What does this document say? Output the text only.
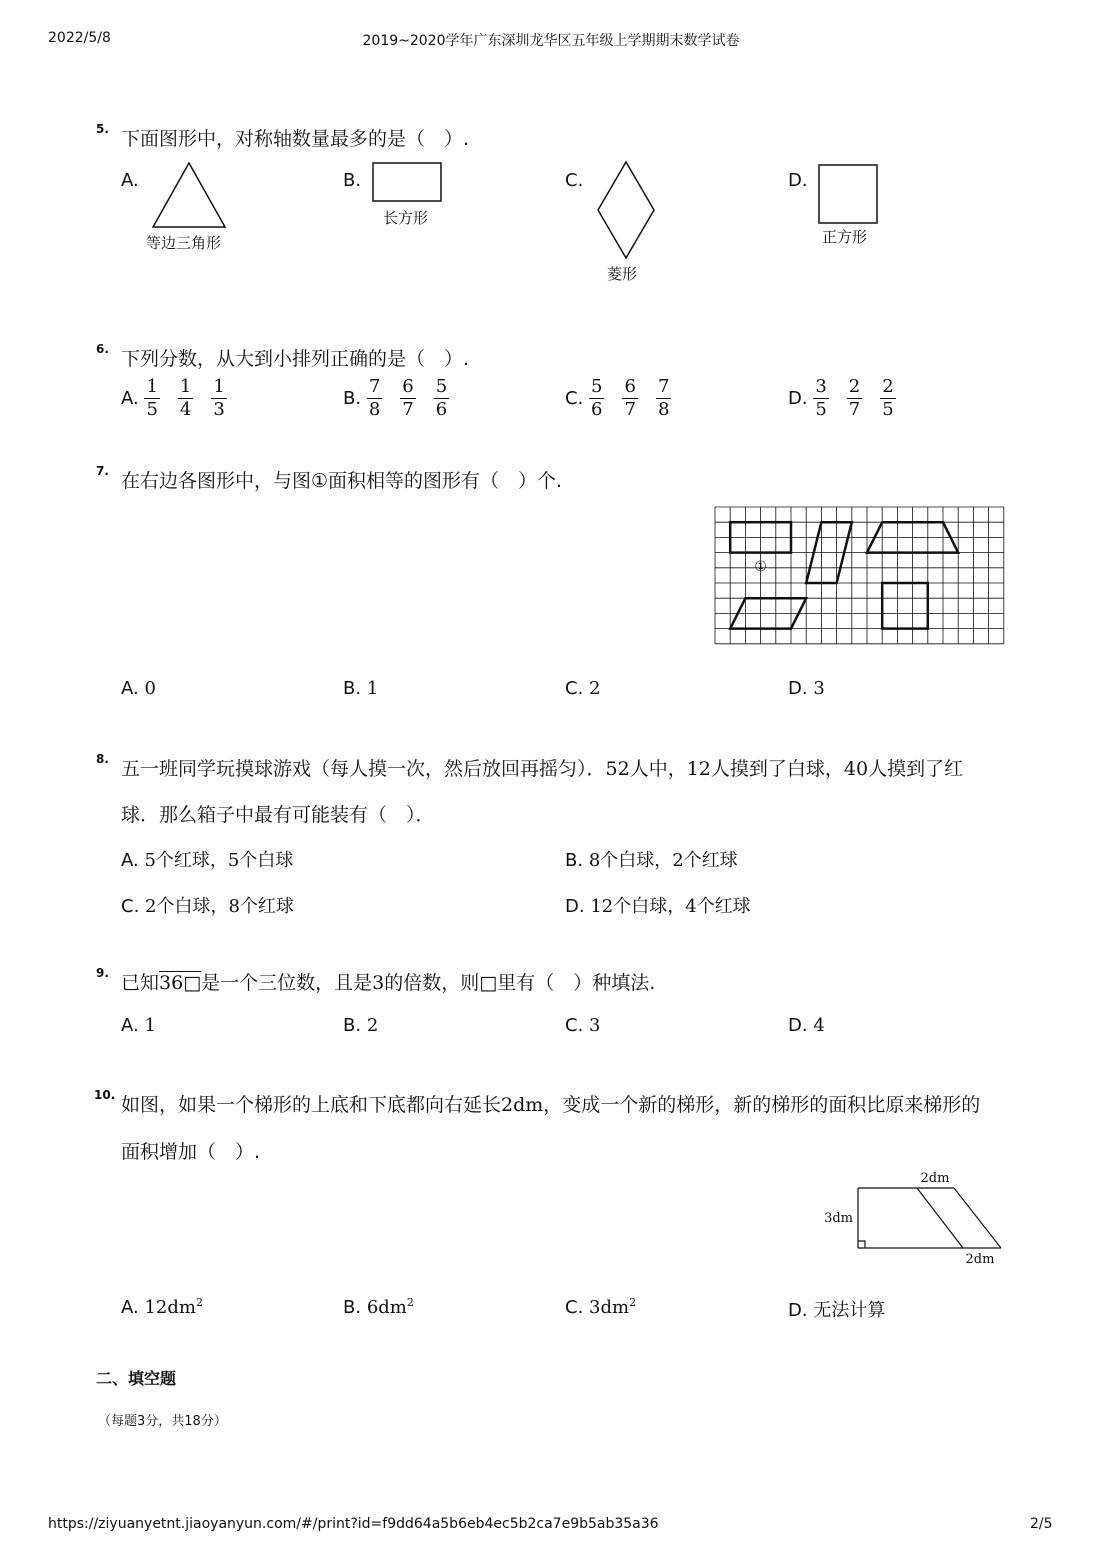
2022/5/8	2019~2020学年广东深圳龙华区五年级上学期期末数学试卷
5. 下面图形中，对称轴数量最多的是（　）.
A.
等边三角形
B.
长方形
C.
菱形
D.
正方形
6. 下列分数，从大到小排列正确的是（　）.
A. $\frac{1}{5} \frac{1}{4} \frac{1}{3}$	B. $\frac{7}{8} \frac{6}{7} \frac{5}{6}$	C. $\frac{5}{6} \frac{6}{7} \frac{7}{8}$	D. $\frac{3}{5} \frac{2}{7} \frac{2}{5}$
7. 在右边各图形中，与图①面积相等的图形有（　）个.
①
A. 0	B. 1	C. 2	D. 3
8. 五一班同学玩摸球游戏（每人摸一次，然后放回再摇匀）．52人中，12人摸到了白球，40人摸到了红
球．那么箱子中最有可能装有（　）．
A. 5个红球，5个白球	B. 8个白球，2个红球
C. 2个白球，8个红球	D. 12个白球，4个红球
9. 已知36□是一个三位数，且是3的倍数，则□里有（　）种填法.
A. 1	B. 2	C. 3	D. 4
10. 如图，如果一个梯形的上底和下底都向右延长2dm，变成一个新的梯形，新的梯形的面积比原来梯形的
面积增加（　）.
2dm
3dm
2dm
A. $12dm^2$	B. $6dm^2$	C. $3dm^2$	D. 无法计算
二、填空题
（每题3分，共18分）
https://ziyuanyetnt.jiaoyanyun.com/#/print?id=f9dd64a5b6eb4ec5b2ca7e9b5ab35a36	2/5
